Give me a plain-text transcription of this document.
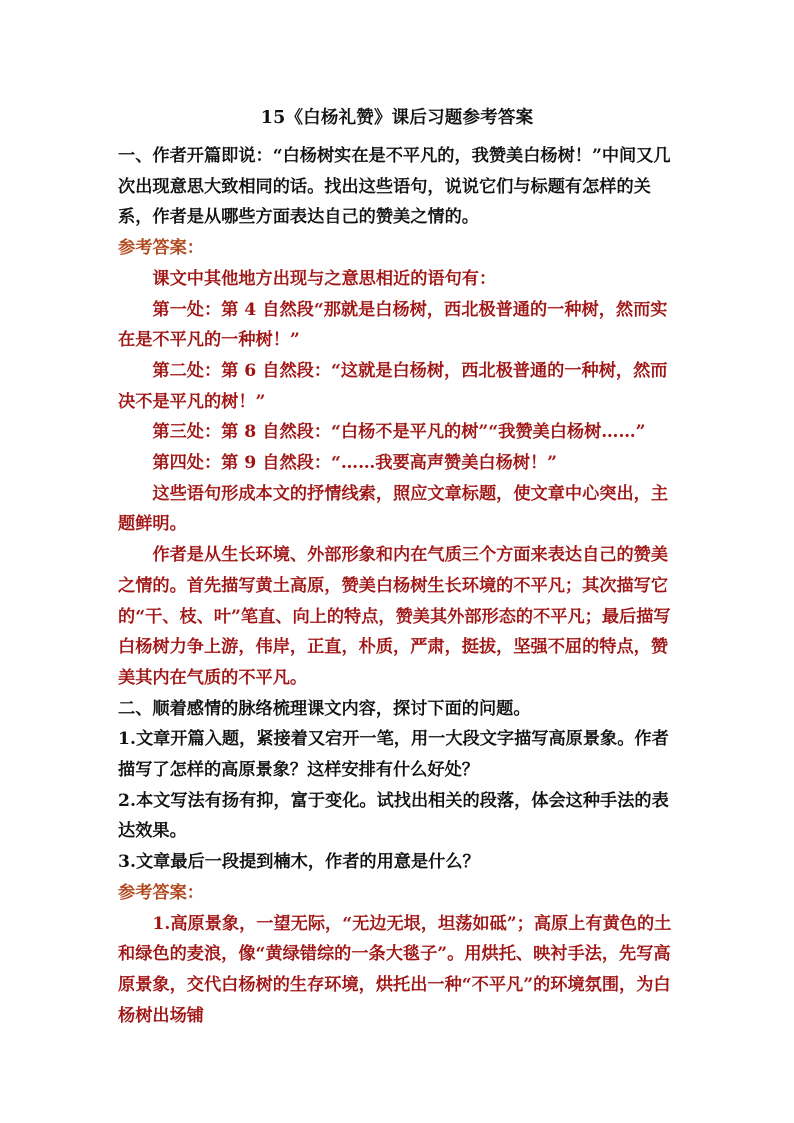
15《白杨礼赞》课后习题参考答案

一、作者开篇即说：“白杨树实在是不平凡的，我赞美白杨树！”中间又几次出现意思大致相同的话。找出这些语句，说说它们与标题有怎样的关系，作者是从哪些方面表达自己的赞美之情的。

参考答案：

课文中其他地方出现与之意思相近的语句有：

第一处：第 4 自然段“那就是白杨树，西北极普通的一种树，然而实在是不平凡的一种树！”

第二处：第 6 自然段：“这就是白杨树，西北极普通的一种树，然而决不是平凡的树！”

第三处：第 8 自然段：“白杨不是平凡的树”“我赞美白杨树……”

第四处：第 9 自然段：“……我要高声赞美白杨树！”

这些语句形成本文的抒情线索，照应文章标题，使文章中心突出，主题鲜明。

作者是从生长环境、外部形象和内在气质三个方面来表达自己的赞美之情的。首先描写黄土高原，赞美白杨树生长环境的不平凡；其次描写它的“干、枝、叶”笔直、向上的特点，赞美其外部形态的不平凡；最后描写白杨树力争上游，伟岸，正直，朴质，严肃，挺拔，坚强不屈的特点，赞美其内在气质的不平凡。

二、顺着感情的脉络梳理课文内容，探讨下面的问题。

1.文章开篇入题，紧接着又宕开一笔，用一大段文字描写高原景象。作者描写了怎样的高原景象？这样安排有什么好处？

2.本文写法有扬有抑，富于变化。试找出相关的段落，体会这种手法的表达效果。

3.文章最后一段提到楠木，作者的用意是什么？

参考答案：

1.高原景象，一望无际，“无边无垠，坦荡如砥”；高原上有黄色的土和绿色的麦浪，像“黄绿错综的一条大毯子”。用烘托、映衬手法，先写高原景象，交代白杨树的生存环境，烘托出一种“不平凡”的环境氛围，为白杨树出场铺
